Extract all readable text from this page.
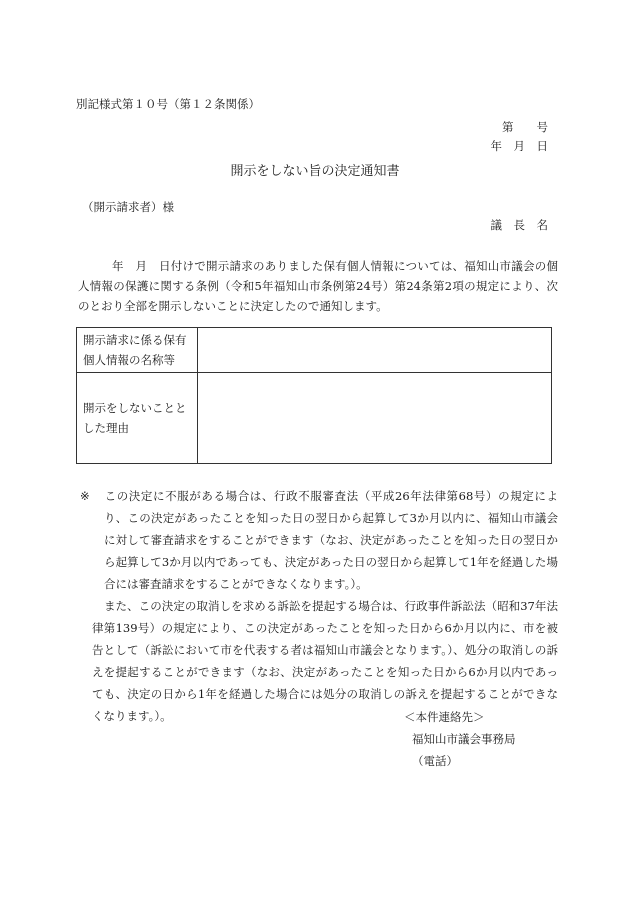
別記様式第１０号（第１２条関係）
第　　号
年　月　日
開示をしない旨の決定通知書
（開示請求者）様
議　長　名
年　月　日付けで開示請求のありました保有個人情報については、福知山市議会の個人情報の保護に関する条例（令和5年福知山市条例第24号）第24条第2項の規定により、次のとおり全部を開示しないことに決定したので通知します。
開示請求に係る保有個人情報の名称等	
開示をしないこととした理由	

※ この決定に不服がある場合は、行政不服審査法（平成26年法律第68号）の規定により、この決定があったことを知った日の翌日から起算して3か月以内に、福知山市議会に対して審査請求をすることができます（なお、決定があったことを知った日の翌日から起算して3か月以内であっても、決定があった日の翌日から起算して1年を経過した場合には審査請求をすることができなくなります。）。

また、この決定の取消しを求める訴訟を提起する場合は、行政事件訴訟法（昭和37年法律第139号）の規定により、この決定があったことを知った日から6か月以内に、市を被告として（訴訟において市を代表する者は福知山市議会となります。）、処分の取消しの訴えを提起することができます（なお、決定があったことを知った日から6か月以内であっても、決定の日から1年を経過した場合には処分の取消しの訴えを提起することができなくなります。）。	＜本件連絡先＞
福知山市議会事務局
（電話）
